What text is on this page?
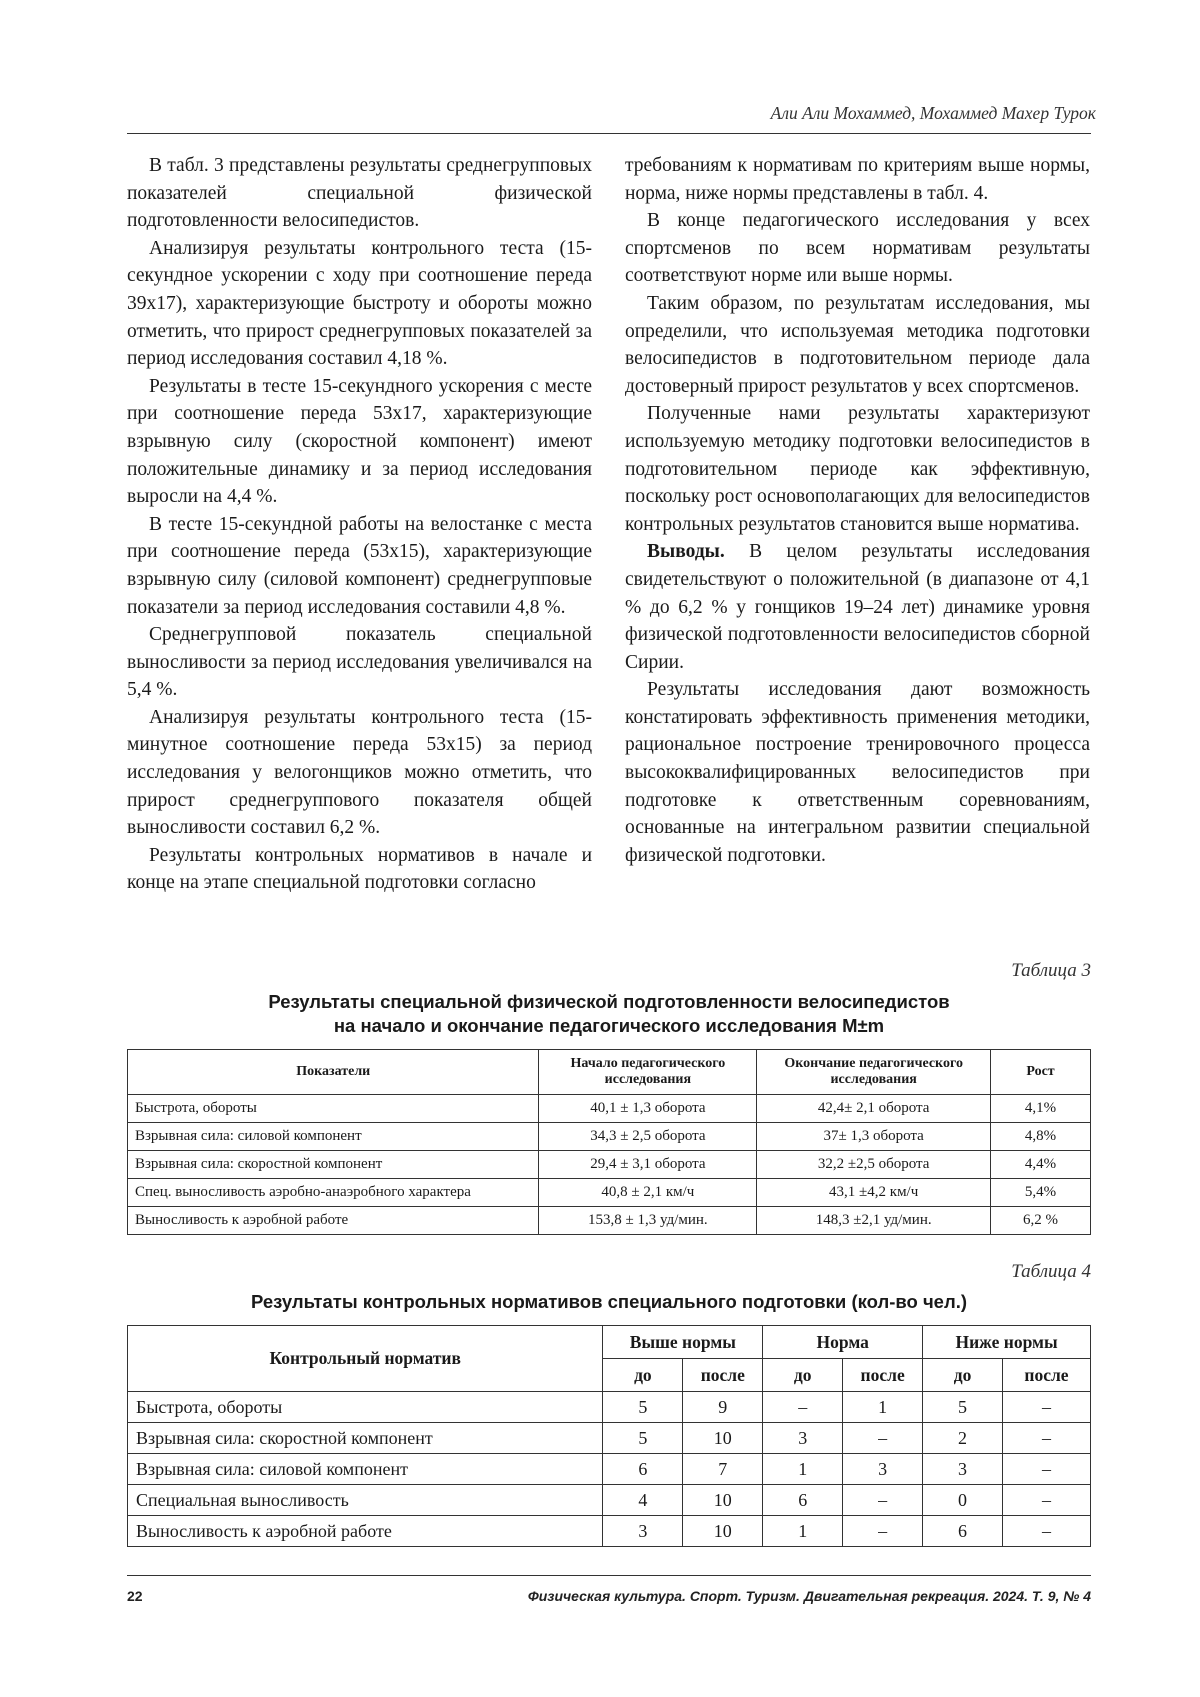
Али Али Мохаммед, Мохаммед Махер Турок

В табл. 3 представлены результаты среднегрупповых показателей специальной физической подготовленности велосипедистов.

Анализируя результаты контрольного теста (15-секундное ускорении с ходу при соотношение переда 39х17), характеризующие быстроту и обороты можно отметить, что прирост среднегрупповых показателей за период исследования составил 4,18 %.

Результаты в тесте 15-секундного ускорения с месте при соотношение переда 53х17, характеризующие взрывную силу (скоростной компонент) имеют положительные динамику и за период исследования выросли на 4,4 %.

В тесте 15-секундной работы на велостанке с места при соотношение переда (53х15), характеризующие взрывную силу (силовой компонент) среднегрупповые показатели за период исследования составили 4,8 %.

Среднегрупповой показатель специальной выносливости за период исследования увеличивался на 5,4 %.

Анализируя результаты контрольного теста (15-минутное соотношение переда 53х15) за период исследования у велогонщиков можно отметить, что прирост среднегруппового показателя общей выносливости составил 6,2 %.

Результаты контрольных нормативов в начале и конце на этапе специальной подготовки согласно

требованиям к нормативам по критериям выше нормы, норма, ниже нормы представлены в табл. 4.

В конце педагогического исследования у всех спортсменов по всем нормативам результаты соответствуют норме или выше нормы.

Таким образом, по результатам исследования, мы определили, что используемая методика подготовки велосипедистов в подготовительном периоде дала достоверный прирост результатов у всех спортсменов.

Полученные нами результаты характеризуют используемую методику подготовки велосипедистов в подготовительном периоде как эффективную, поскольку рост основополагающих для велосипедистов контрольных результатов становится выше норматива.

Выводы. В целом результаты исследования свидетельствуют о положительной (в диапазоне от 4,1 % до 6,2 % у гонщиков 19–24 лет) динамике уровня физической подготовленности велосипедистов сборной Сирии.

Результаты исследования дают возможность констатировать эффективность применения методики, рациональное построение тренировочного процесса высококвалифицированных велосипедистов при подготовке к ответственным соревнованиям, основанные на интегральном развитии специальной физической подготовки.

Таблица 3
Результаты специальной физической подготовленности велосипедистов
на начало и окончание педагогического исследования M±m
Показатели	Начало педагогического исследования	Окончание педагогического исследования	Рост
Быстрота, обороты	40,1 ± 1,3 оборота	42,4± 2,1 оборота	4,1%
Взрывная сила: силовой компонент	34,3 ± 2,5 оборота	37± 1,3 оборота	4,8%
Взрывная сила: скоростной компонент	29,4 ± 3,1 оборота	32,2 ±2,5 оборота	4,4%
Спец. выносливость аэробно-анаэробного характера	40,8 ± 2,1 км/ч	43,1 ±4,2 км/ч	5,4%
Выносливость к аэробной работе	153,8 ± 1,3 уд/мин.	148,3 ±2,1 уд/мин.	6,2 %
Таблица 4
Результаты контрольных нормативов специального подготовки (кол-во чел.)
Контрольный норматив	Выше нормы		Норма		Ниже нормы	
	до	после	до	после	до	после
Быстрота, обороты	5	9	–	1	5	–
Взрывная сила: скоростной компонент	5	10	3	–	2	–
Взрывная сила: силовой компонент	6	7	1	3	3	–
Специальная выносливость	4	10	6	–	0	–
Выносливость к аэробной работе	3	10	1	–	6	–
22	Физическая культура. Спорт. Туризм. Двигательная рекреация. 2024. Т. 9, № 4
